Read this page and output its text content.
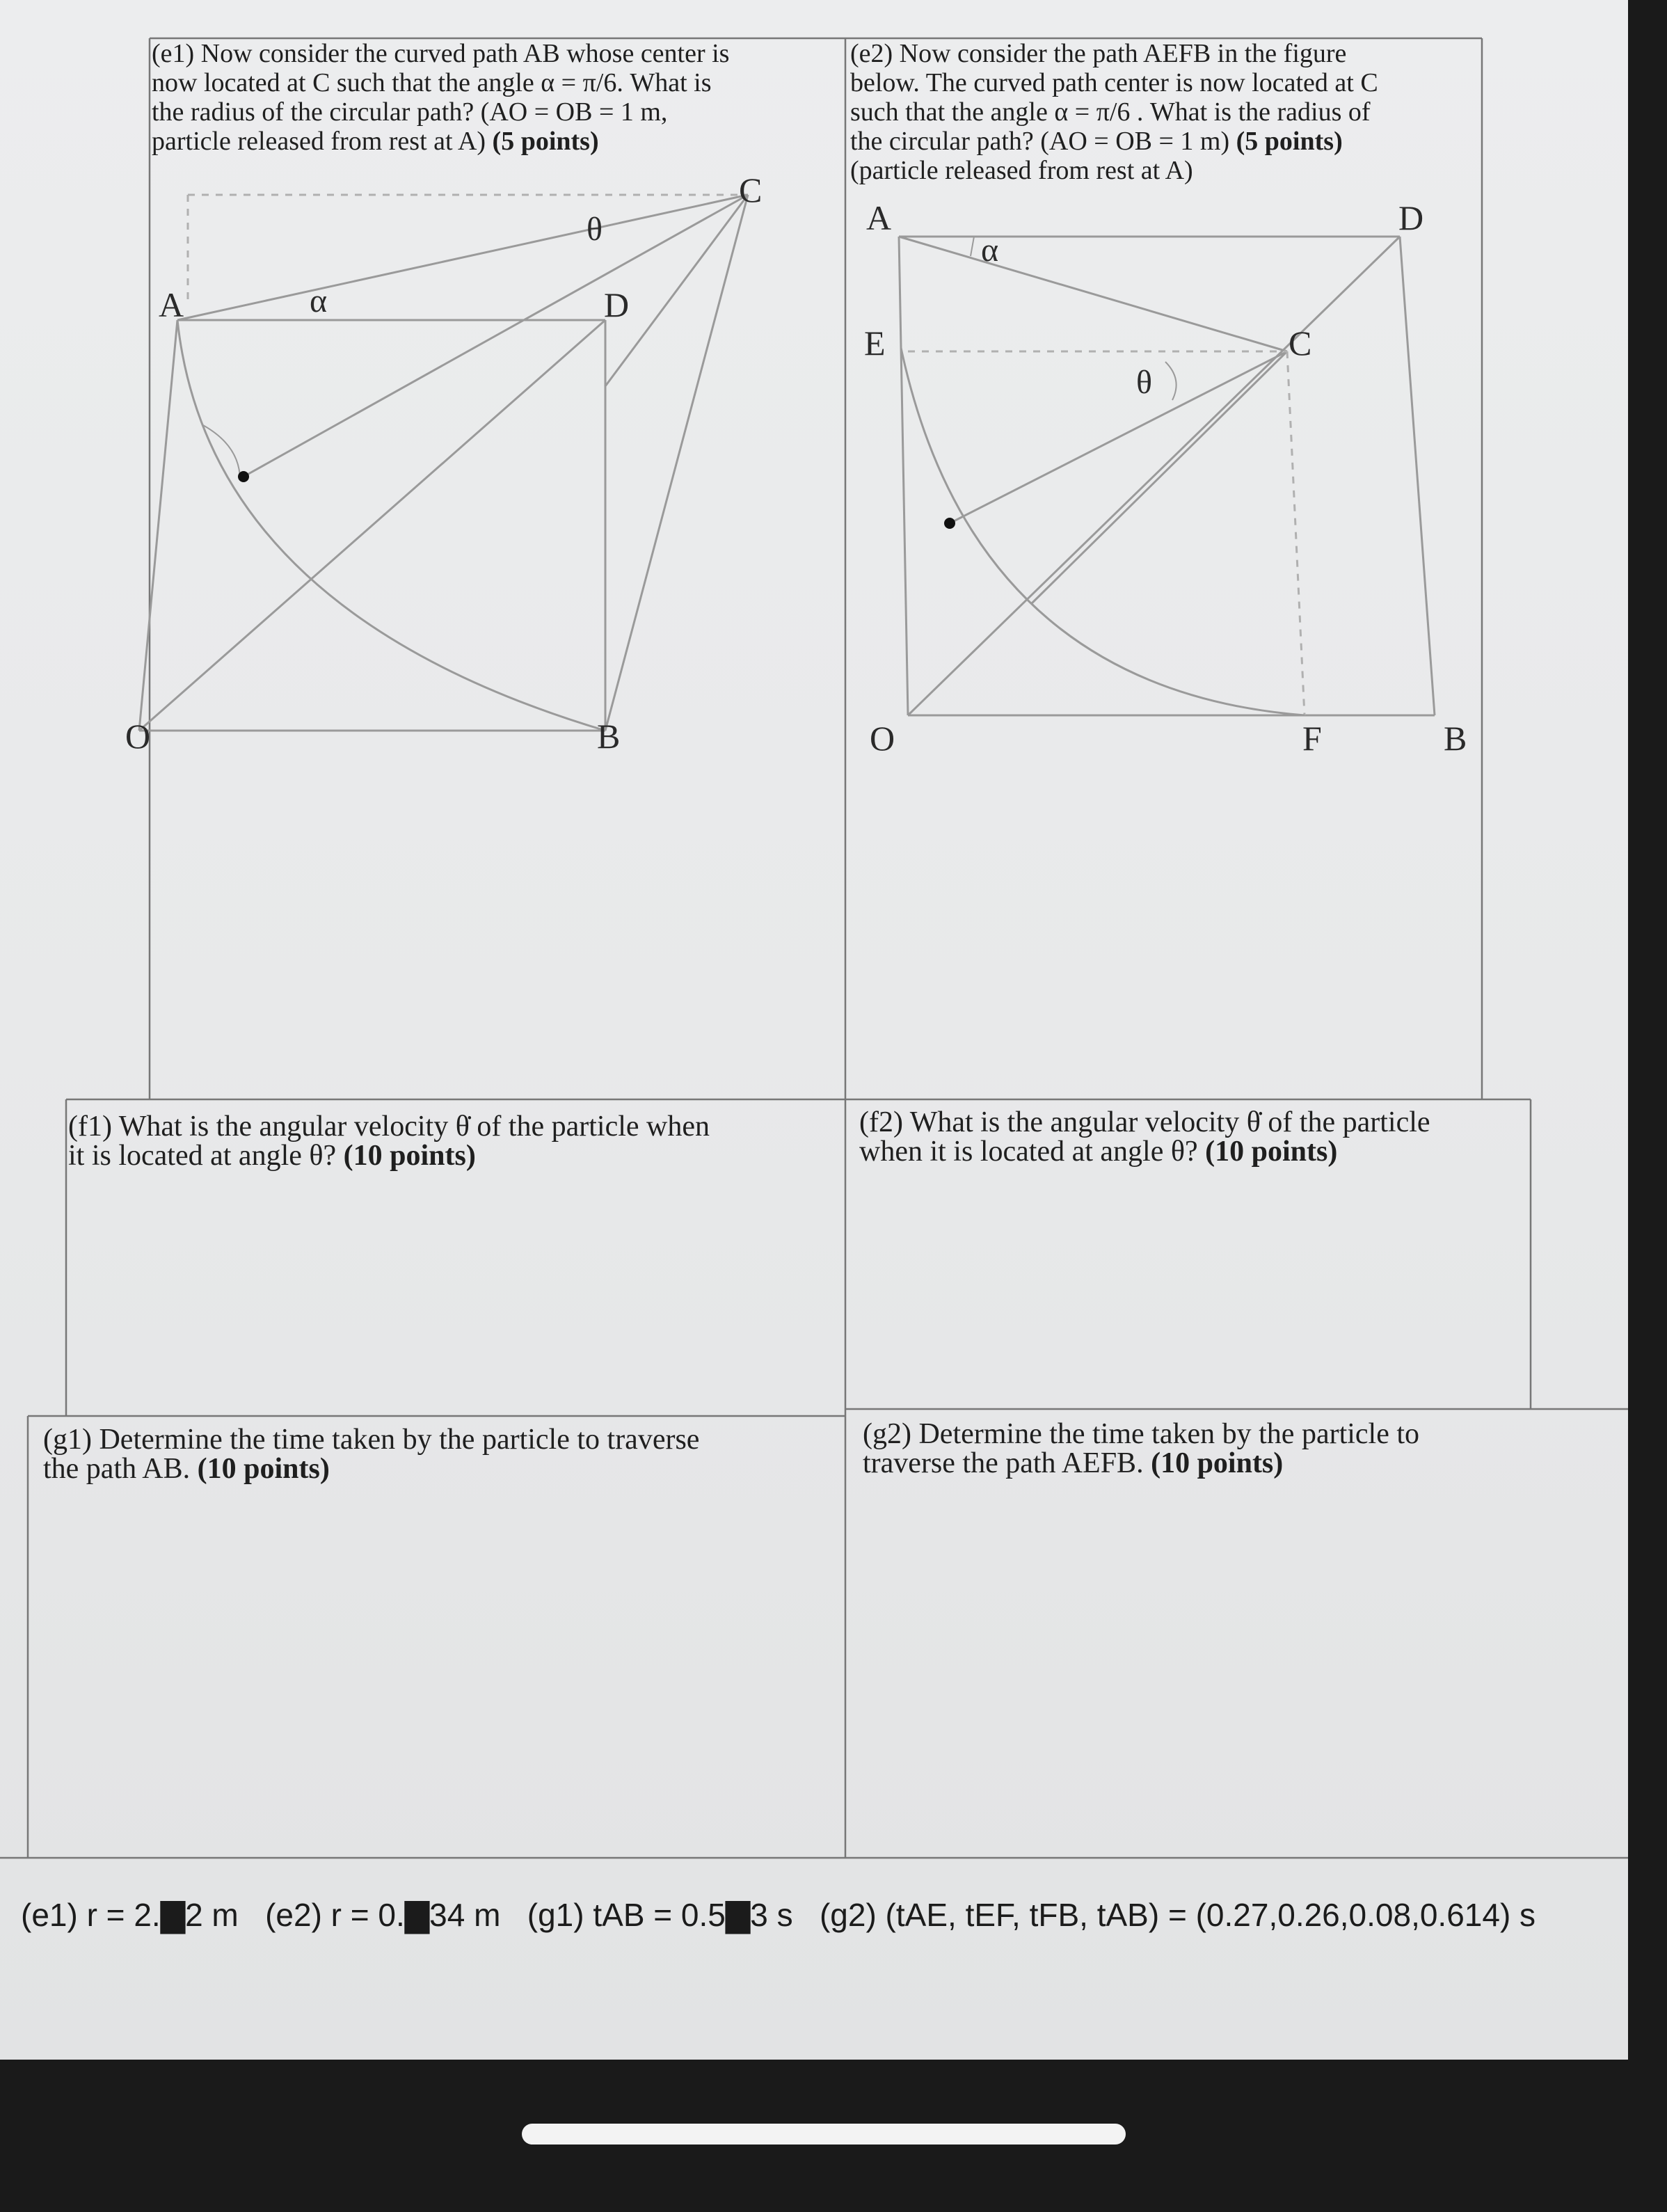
(e1) Now consider the curved path AB whose center is
now located at C such that the angle α = π/6. What is
the radius of the circular path? (AO = OB = 1 m,
particle released from rest at A) (5 points)
(e2) Now consider the path AEFB in the figure
below. The curved path center is now located at C
such that the angle α = π/6 . What is the radius of
the circular path? (AO = OB = 1 m) (5 points)
(particle released from rest at A)
A
C
D
O	B
θ
α
A	D
E	C
O	F	B
θ
α
(f1) What is the angular velocity θ̇ of the particle when
it is located at angle θ? (10 points)
(f2) What is the angular velocity θ̇ of the particle
when it is located at angle θ? (10 points)
(g1) Determine the time taken by the particle to traverse
the path AB. (10 points)
(g2) Determine the time taken by the particle to
traverse the path AEFB. (10 points)
(e1) r = 2.▇2 m (e2) r = 0.▇34 m (g1) tAB = 0.5▇3 s (g2) (tAE, tEF, tFB, tAB) = (0.27,0.26,0.08,0.614) s
